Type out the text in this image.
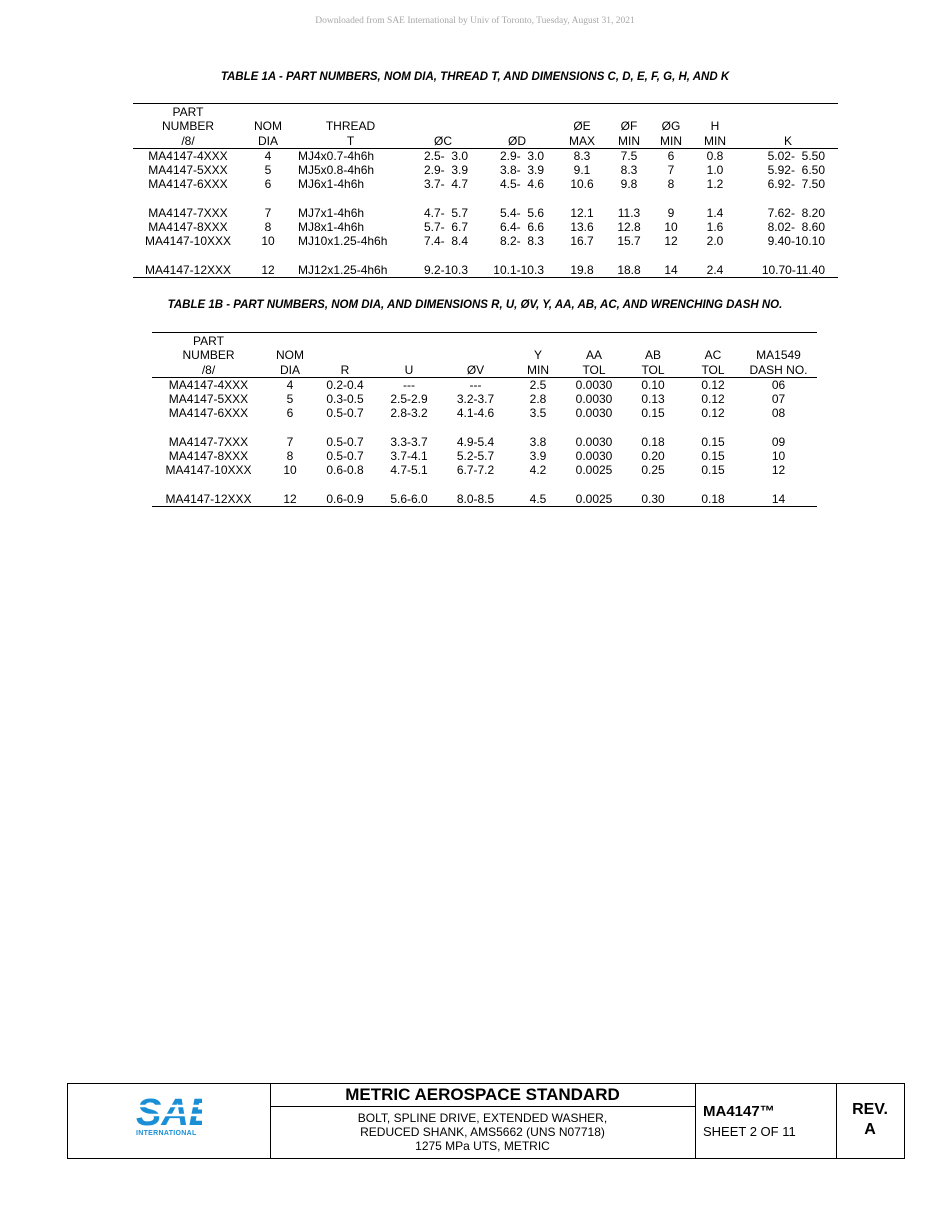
Downloaded from SAE International by Univ of Toronto, Tuesday, August 31, 2021
TABLE 1A - PART NUMBERS, NOM DIA, THREAD T, AND DIMENSIONS C, D, E, F, G, H, AND K

PART									
NUMBER	NOM	THREAD			ØE	ØF	ØG	H	
/8/	DIA	T	ØC	ØD	MAX	MIN	MIN	MIN	K
MA4147-4XXX	4	MJ4x0.7-4h6h	2.5-  3.0	2.9-  3.0	8.3	7.5	6	0.8	5.02-  5.50
MA4147-5XXX	5	MJ5x0.8-4h6h	2.9-  3.9	3.8-  3.9	9.1	8.3	7	1.0	5.92-  6.50
MA4147-6XXX	6	MJ6x1-4h6h	3.7-  4.7	4.5-  4.6	10.6	9.8	8	1.2	6.92-  7.50

MA4147-7XXX	7	MJ7x1-4h6h	4.7-  5.7	5.4-  5.6	12.1	11.3	9	1.4	7.62-  8.20
MA4147-8XXX	8	MJ8x1-4h6h	5.7-  6.7	6.4-  6.6	13.6	12.8	10	1.6	8.02-  8.60
MA4147-10XXX	10	MJ10x1.25-4h6h	7.4-  8.4	8.2-  8.3	16.7	15.7	12	2.0	9.40-10.10

MA4147-12XXX	12	MJ12x1.25-4h6h	9.2-10.3	10.1-10.3	19.8	18.8	14	2.4	10.70-11.40
TABLE 1B - PART NUMBERS, NOM DIA, AND DIMENSIONS R, U, ØV, Y, AA, AB, AC, AND WRENCHING DASH NO.

PART									
NUMBER	NOM				Y	AA	AB	AC	MA1549
/8/	DIA	R	U	ØV	MIN	TOL	TOL	TOL	DASH NO.
MA4147-4XXX	4	0.2-0.4	---	---	2.5	0.0030	0.10	0.12	06
MA4147-5XXX	5	0.3-0.5	2.5-2.9	3.2-3.7	2.8	0.0030	0.13	0.12	07
MA4147-6XXX	6	0.5-0.7	2.8-3.2	4.1-4.6	3.5	0.0030	0.15	0.12	08

MA4147-7XXX	7	0.5-0.7	3.3-3.7	4.9-5.4	3.8	0.0030	0.18	0.15	09
MA4147-8XXX	8	0.5-0.7	3.7-4.1	5.2-5.7	3.9	0.0030	0.20	0.15	10
MA4147-10XXX	10	0.6-0.8	4.7-5.1	6.7-7.2	4.2	0.0025	0.25	0.15	12

MA4147-12XXX	12	0.6-0.9	5.6-6.0	8.0-8.5	4.5	0.0025	0.30	0.18	14
SA
INTERNATIONAL
METRIC AEROSPACE STANDARD
BOLT, SPLINE DRIVE, EXTENDED WASHER,
REDUCED SHANK, AMS5662 (UNS N07718)
1275 MPa UTS, METRIC
MA4147™
SHEET 2 OF 11
REV.
A
